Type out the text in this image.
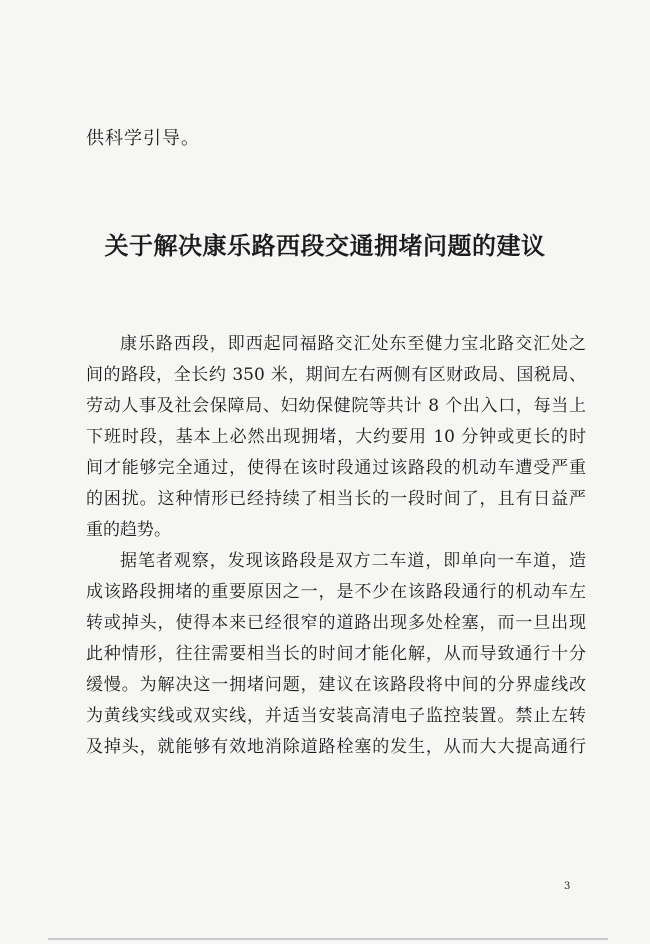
供科学引导。
关于解决康乐路西段交通拥堵问题的建议
康乐路西段，即西起同福路交汇处东至健力宝北路交汇处之
间的路段，全长约 350 米，期间左右两侧有区财政局、国税局、
劳动人事及社会保障局、妇幼保健院等共计 8 个出入口，每当上
下班时段，基本上必然出现拥堵，大约要用 10 分钟或更长的时
间才能够完全通过，使得在该时段通过该路段的机动车遭受严重
的困扰。这种情形已经持续了相当长的一段时间了，且有日益严
重的趋势。
据笔者观察，发现该路段是双方二车道，即单向一车道，造
成该路段拥堵的重要原因之一，是不少在该路段通行的机动车左
转或掉头，使得本来已经很窄的道路出现多处栓塞，而一旦出现
此种情形，往往需要相当长的时间才能化解，从而导致通行十分
缓慢。为解决这一拥堵问题，建议在该路段将中间的分界虚线改
为黄线实线或双实线，并适当安装高清电子监控装置。禁止左转
及掉头，就能够有效地消除道路栓塞的发生，从而大大提高通行
3
